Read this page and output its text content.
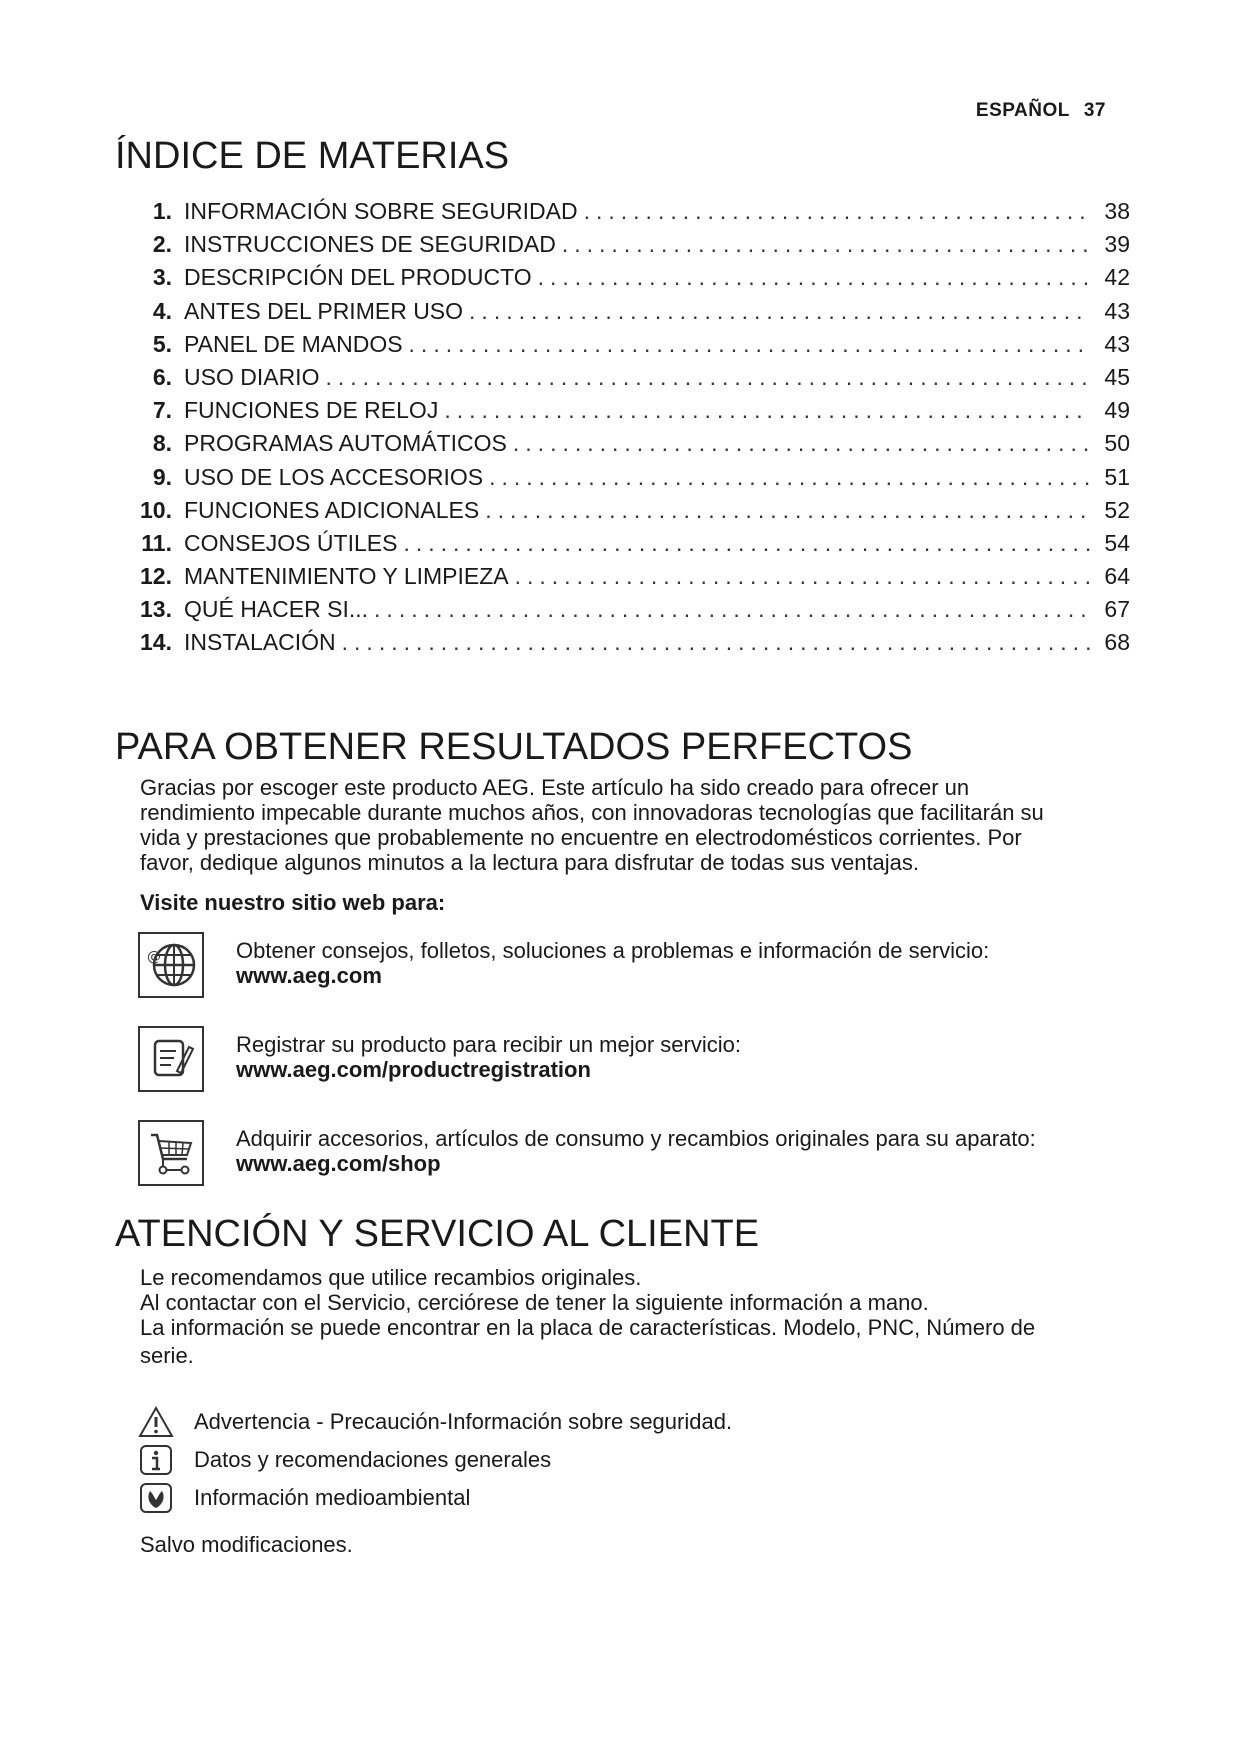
ESPAÑOL 37
ÍNDICE DE MATERIAS
1. INFORMACIÓN SOBRE SEGURIDAD .....	38
2. INSTRUCCIONES DE SEGURIDAD .....	39
3. DESCRIPCIÓN DEL PRODUCTO .....	42
4. ANTES DEL PRIMER USO .....	43
5. PANEL DE MANDOS .....	43
6. USO DIARIO .....	45
7. FUNCIONES DE RELOJ .....	49
8. PROGRAMAS AUTOMÁTICOS .....	50
9. USO DE LOS ACCESORIOS .....	51
10. FUNCIONES ADICIONALES .....	52
11. CONSEJOS ÚTILES .....	54
12. MANTENIMIENTO Y LIMPIEZA .....	64
13. QUÉ HACER SI... .....	67
14. INSTALACIÓN .....	68
PARA OBTENER RESULTADOS PERFECTOS
Gracias por escoger este producto AEG. Este artículo ha sido creado para ofrecer un
rendimiento impecable durante muchos años, con innovadoras tecnologías que facilitarán su
vida y prestaciones que probablemente no encuentre en electrodomésticos corrientes. Por
favor, dedique algunos minutos a la lectura para disfrutar de todas sus ventajas.
Visite nuestro sitio web para:
@	Obtener consejos, folletos, soluciones a problemas e información de servicio:
www.aeg.com
Registrar su producto para recibir un mejor servicio:
www.aeg.com/productregistration
Adquirir accesorios, artículos de consumo y recambios originales para su aparato:
www.aeg.com/shop
ATENCIÓN Y SERVICIO AL CLIENTE
Le recomendamos que utilice recambios originales.
Al contactar con el Servicio, cerciórese de tener la siguiente información a mano.
La información se puede encontrar en la placa de características. Modelo, PNC, Número de
serie.
Advertencia - Precaución-Información sobre seguridad.
Datos y recomendaciones generales
Información medioambiental
Salvo modificaciones.
